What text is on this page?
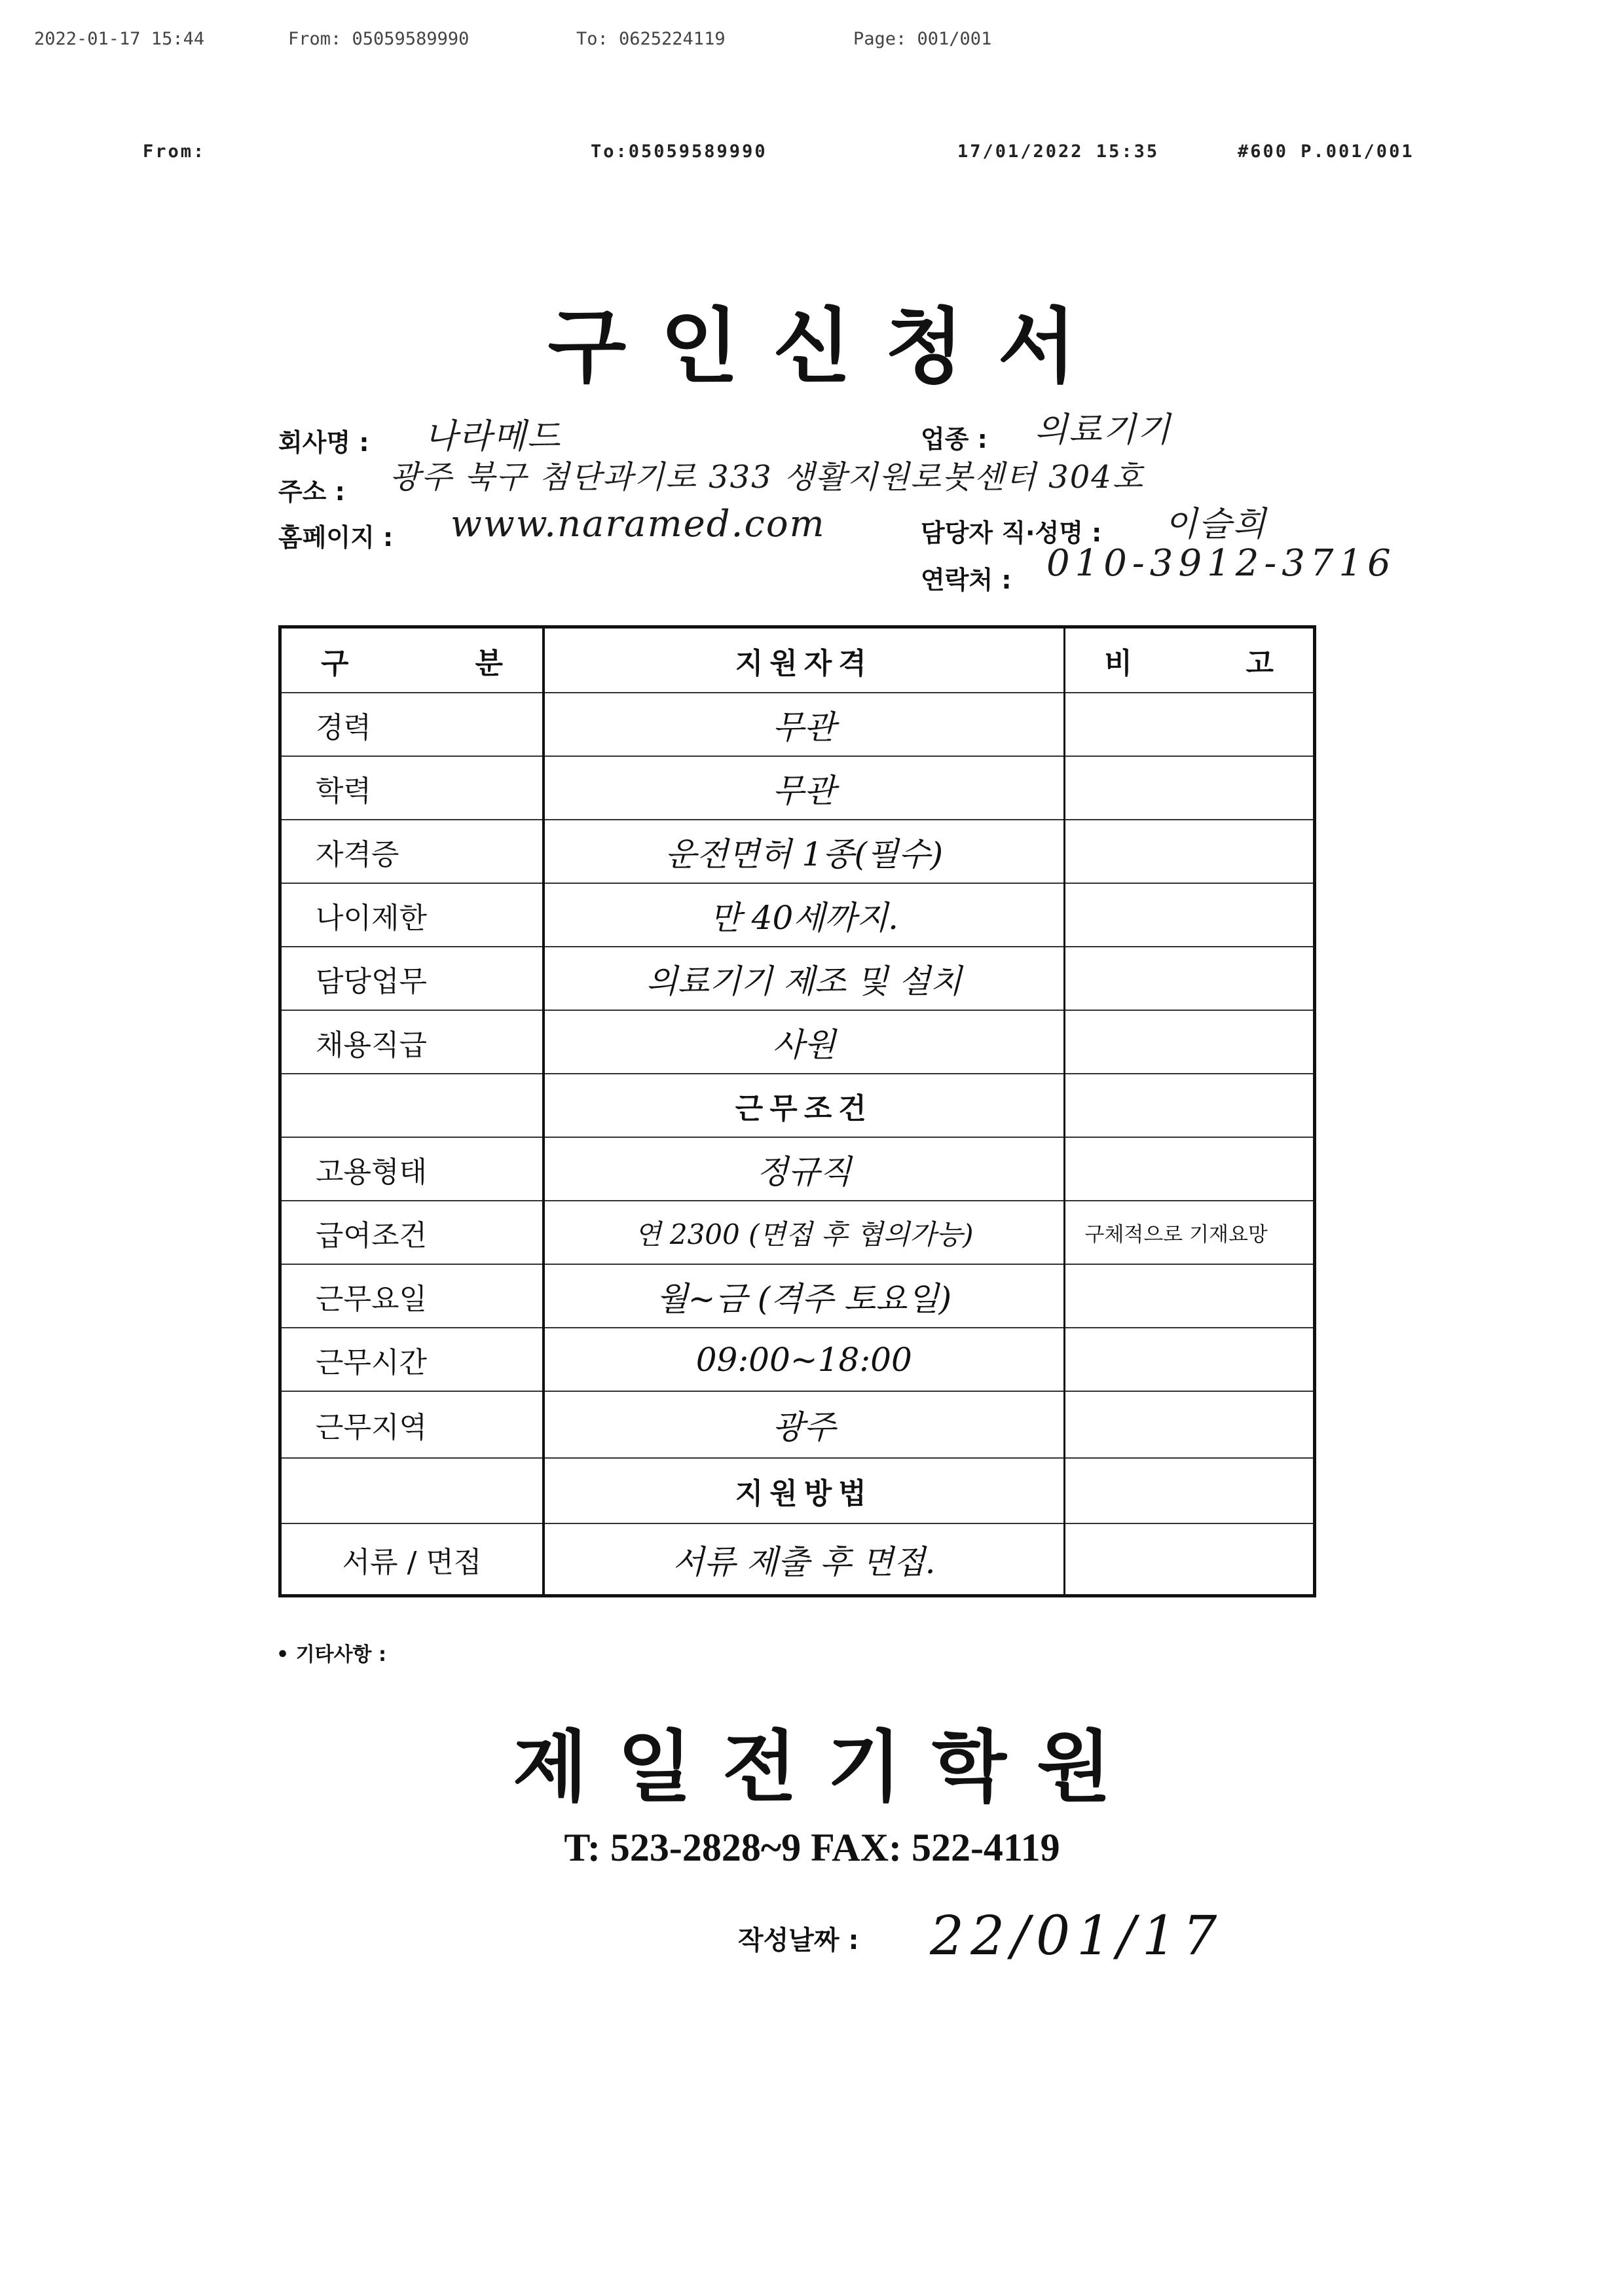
2022-01-17 15:44	From: 05059589990	To: 0625224119	Page: 001/001
From:	To:05059589990	17/01/2022 15:35	#600 P.001/001
구인신청서
회사명 : 나라메드	업종 : 의료기기
주소 : 광주 북구 첨단과기로 333 생활지원로봇센터 304호
홈페이지 : www.naramed.com	담당자 직·성명 : 이슬희
연락처 : 010-3912-3716
구 분	지원자격	비 고
경력	무관	
학력	무관	
자격증	운전면허 1종(필수)	
나이제한	만 40세까지.	
담당업무	의료기기 제조 및 설치	
채용직급	사원	
	근무조건	
고용형태	정규직	
급여조건	연 2300 (면접 후 협의가능)	구체적으로 기재요망
근무요일	월~금 (격주 토요일)	
근무시간	09:00~18:00	
근무지역	광주	
	지원방법	
서류 / 면접	서류 제출 후 면접.	
• 기타사항 :
제일전기학원
T: 523-2828~9 FAX: 522-4119
작성날짜 : 22/01/17
